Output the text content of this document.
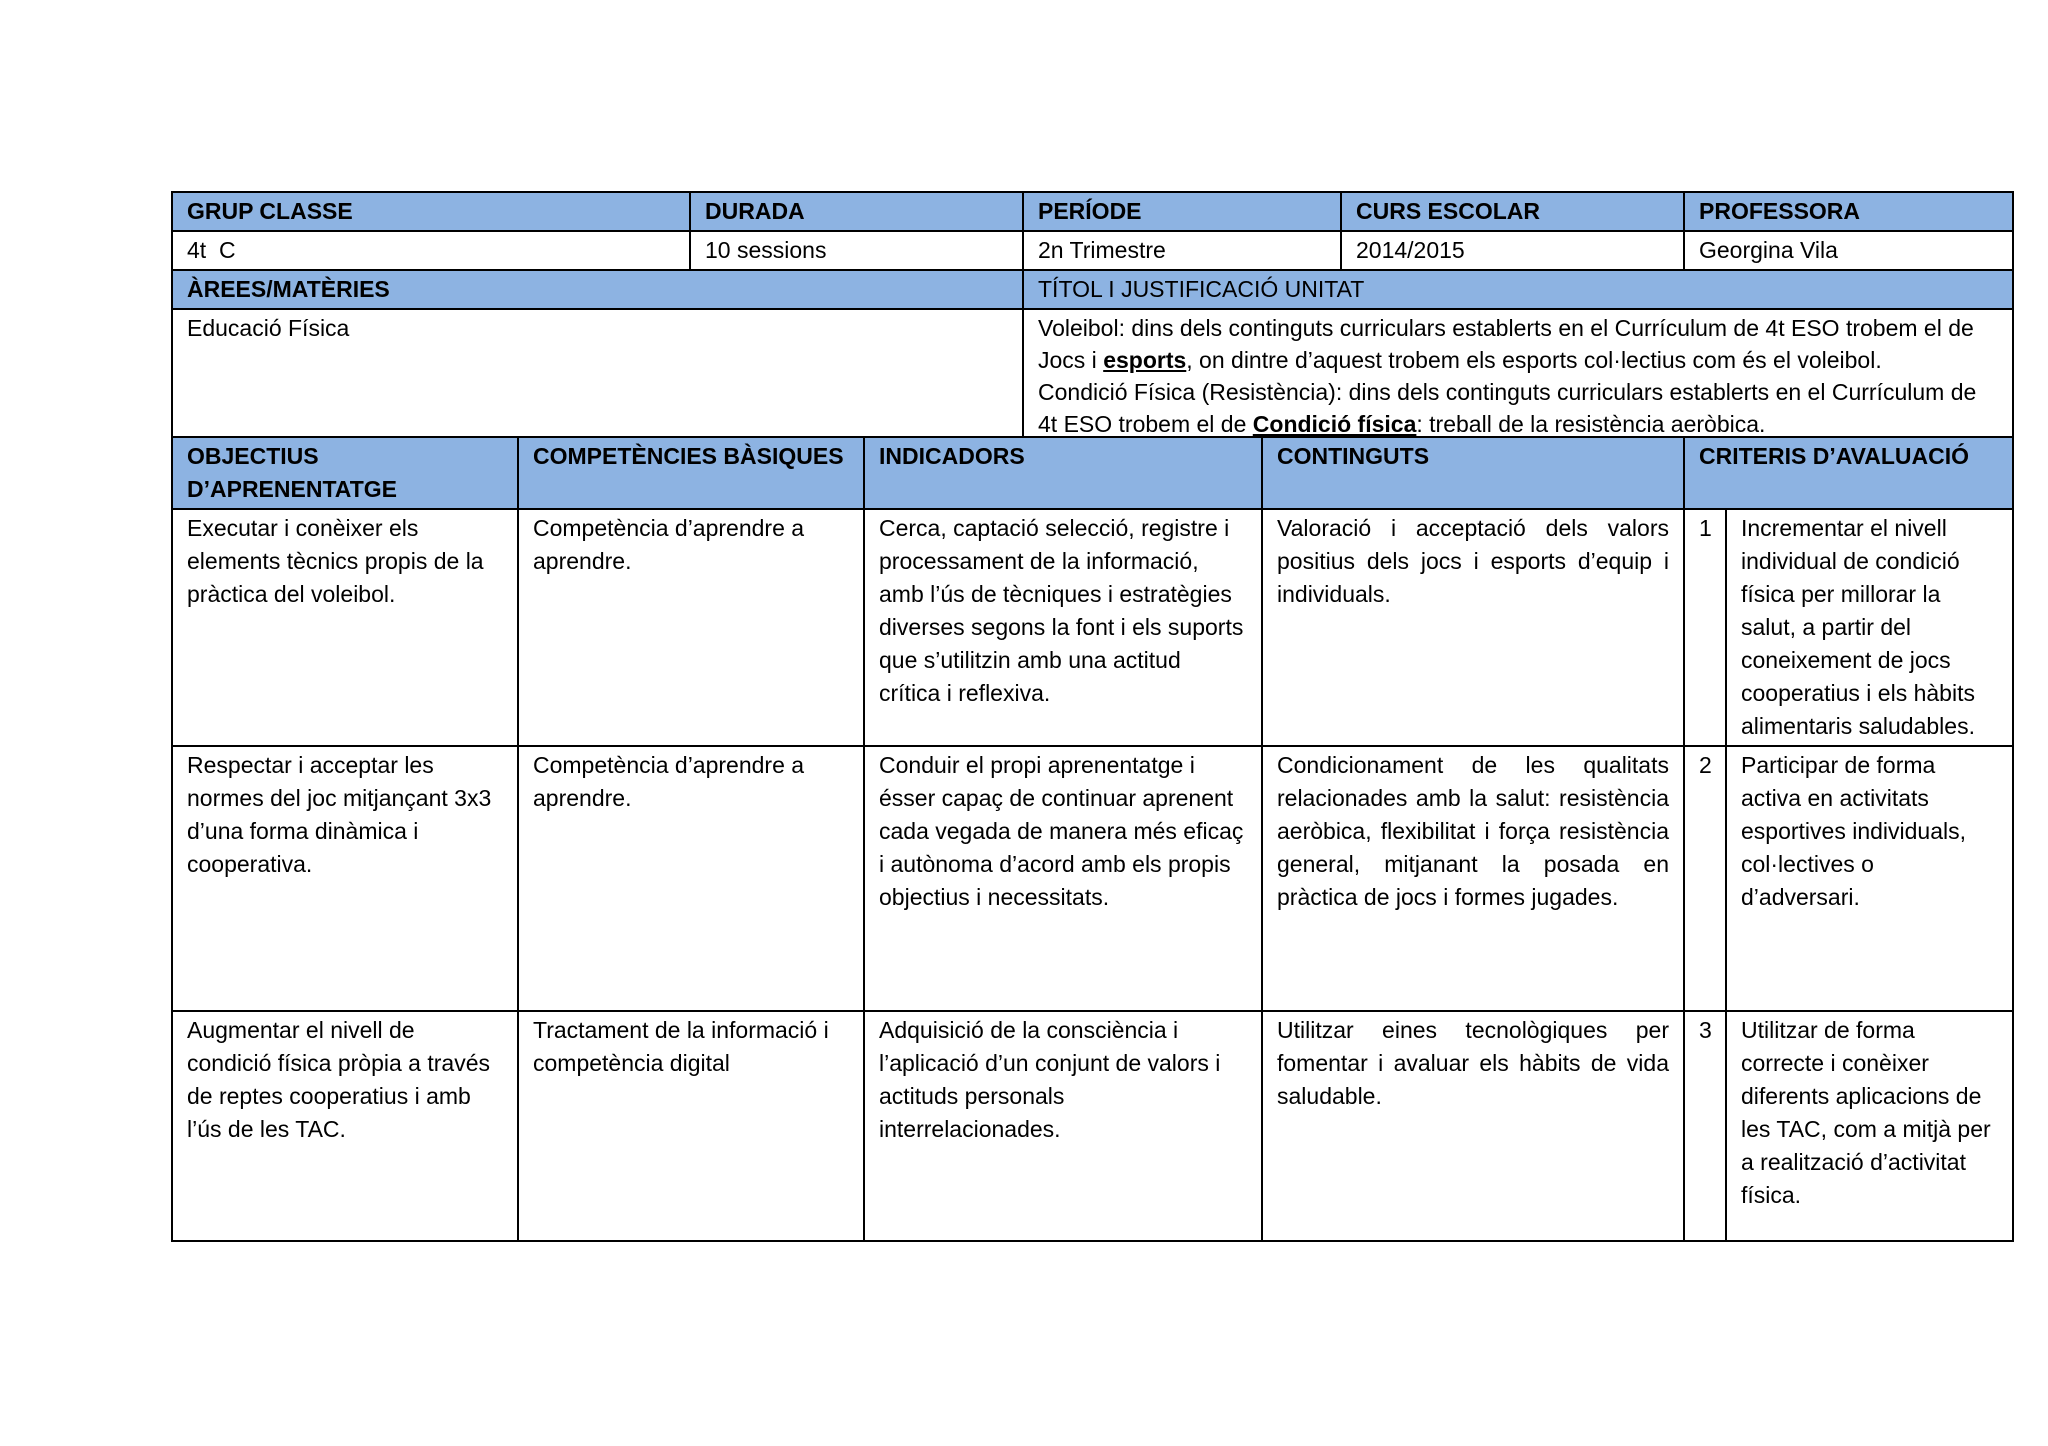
GRUP CLASSE	DURADA	PERÍODE	CURS ESCOLAR	PROFESSORA
4t  C	10 sessions	2n Trimestre	2014/2015	Georgina Vila
ÀREES/MATÈRIES		TÍTOL I JUSTIFICACIÓ UNITAT		
Educació Física		Voleibol: dins dels continguts curriculars establerts en el Currículum de 4t ESO trobem el de Jocs i esports, on dintre d’aquest trobem els esports col·lectius com és el voleibol.

Condició Física (Resistència): dins dels continguts curriculars establerts en el Currículum de 4t ESO trobem el de Condició física: treball de la resistència aeròbica.		

OBJECTIUS D’APRENENTATGE	COMPETÈNCIES BÀSIQUES	INDICADORS	CONTINGUTS	CRITERIS D’AVALUACIÓ	
Executar i conèixer els elements tècnics propis de la pràctica del voleibol.	Competència d’aprendre a aprendre.	Cerca, captació selecció, registre i processament de la informació, amb l’ús de tècniques i estratègies diverses segons la font i els suports que s’utilitzin amb una actitud crítica i reflexiva.	Valoració i acceptació dels valors positius dels jocs i esports d’equip i individuals.	1	Incrementar el nivell individual de condició física per millorar la salut, a partir del coneixement de jocs cooperatius i els hàbits alimentaris saludables.
Respectar i acceptar les normes del joc mitjançant 3x3 d’una forma dinàmica i cooperativa.	Competència d’aprendre a aprendre.	Conduir el propi aprenentatge i ésser capaç de continuar aprenent cada vegada de manera més eficaç i autònoma d’acord amb els propis objectius i necessitats.	Condicionament de les qualitats relacionades amb la salut: resistència aeròbica, flexibilitat i força resistència general, mitjanant la posada en pràctica de jocs i formes jugades.	2	Participar de forma activa en activitats esportives individuals, col·lectives o d’adversari.
Augmentar el nivell de condició física pròpia a través de reptes cooperatius i amb l’ús de les TAC.	Tractament de la informació i competència digital	Adquisició de la consciència i l’aplicació d’un conjunt de valors i actituds personals interrelacionades.	Utilitzar eines tecnològiques per fomentar i avaluar els hàbits de vida saludable.	3	Utilitzar de forma correcte i conèixer diferents aplicacions de les TAC, com a mitjà per a realització d’activitat física.
